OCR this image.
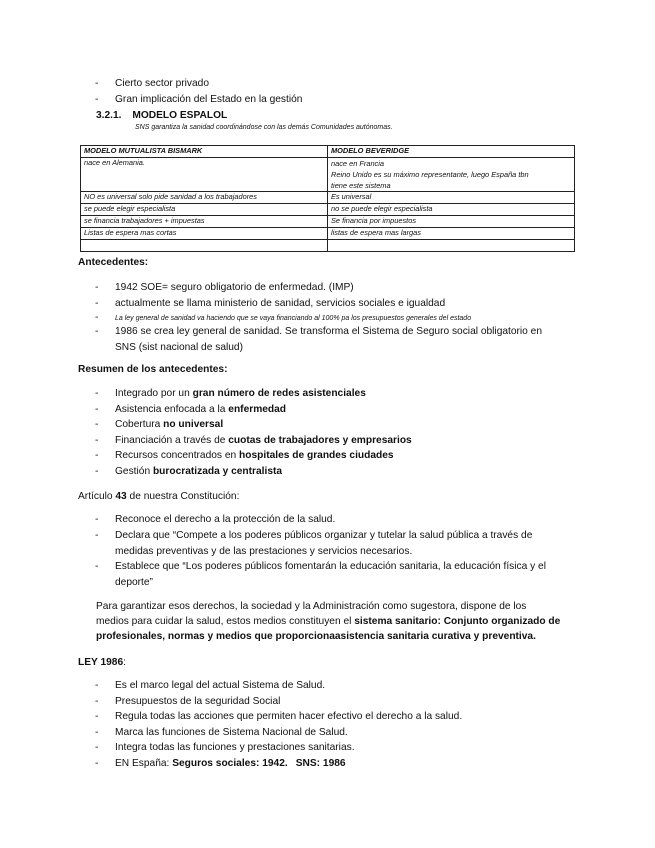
- Cierto sector privado
- Gran implicación del Estado en la gestión
3.2.1. MODELO ESPALOL
SNS garantiza la sanidad coordinándose con las demás Comunidades autónomas.
MODELO MUTUALISTA BISMARK	MODELO BEVERIDGE
nace en Alemania.	nace en Francia
Reino Unido es su máximo representante, luego España tbn
tiene este sistema

NO es universal solo pide sanidad a los trabajadores	Es universal
se puede elegir especialista	no se puede elegir especialista
se financia trabajadores + impuestas	Se financia por impuestos
Listas de espera mas cortas	listas de espera mas largas

Antecedentes:
- 1942 SOE= seguro obligatorio de enfermedad. (IMP)
- actualmente se llama ministerio de sanidad, servicios sociales e igualdad
- La ley general de sanidad va haciendo que se vaya financiando al 100% pa los presupuestos generales del estado
- 1986 se crea ley general de sanidad. Se transforma el Sistema de Seguro social obligatorio en
SNS (sist nacional de salud)
Resumen de los antecedentes:
- Integrado por un gran número de redes asistenciales
- Asistencia enfocada a la enfermedad
- Cobertura no universal
- Financiación a través de cuotas de trabajadores y empresarios
- Recursos concentrados en hospitales de grandes ciudades
- Gestión burocratizada y centralista
Artículo 43 de nuestra Constitución:
- Reconoce el derecho a la protección de la salud.
- Declara que “Compete a los poderes públicos organizar y tutelar la salud pública a través de
medidas preventivas y de las prestaciones y servicios necesarios.
- Establece que “Los poderes públicos fomentarán la educación sanitaria, la educación física y el
deporte”
Para garantizar esos derechos, la sociedad y la Administración como sugestora, dispone de los
medios para cuidar la salud, estos medios constituyen el sistema sanitario: Conjunto organizado de
profesionales, normas y medios que proporcionaasistencia sanitaria curativa y preventiva.
LEY 1986:
- Es el marco legal del actual Sistema de Salud.
- Presupuestos de la seguridad Social
- Regula todas las acciones que permiten hacer efectivo el derecho a la salud.
- Marca las funciones de Sistema Nacional de Salud.
- Integra todas las funciones y prestaciones sanitarias.
- EN España: Seguros sociales: 1942. SNS: 1986
